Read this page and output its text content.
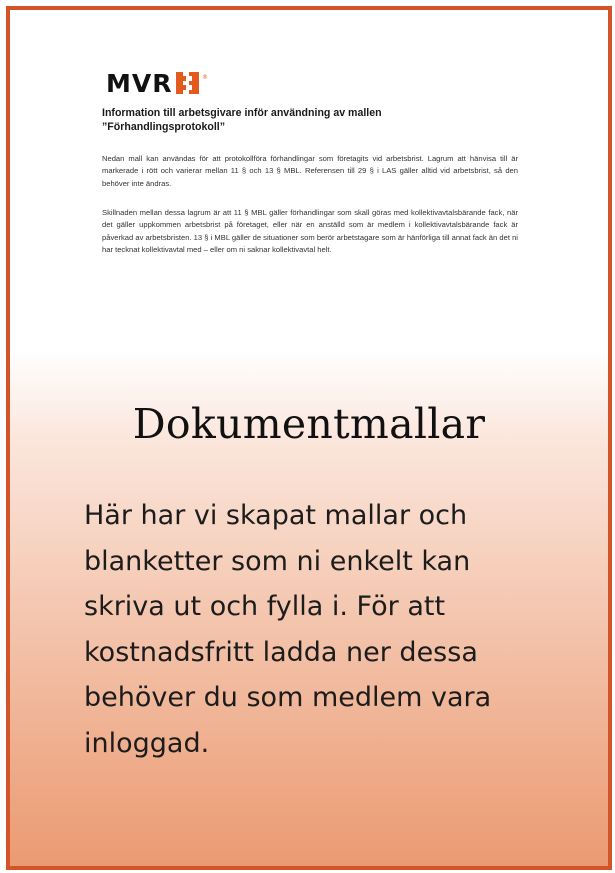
MVR	®
Information till arbetsgivare inför användning av mallen
”Förhandlingsprotokoll”
Nedan mall kan användas för att protokollföra förhandlingar som företagits vid arbetsbrist. Lagrum att hänvisa till är markerade i rött och varierar mellan 11 § och 13 § MBL. Referensen till 29 § i LAS gäller alltid vid arbetsbrist, så den behöver inte ändras.
Skillnaden mellan dessa lagrum är att 11 § MBL gäller förhandlingar som skall göras med kollektivavtalsbärande fack, när det gäller uppkommen arbetsbrist på företaget, eller när en anställd som är medlem i kollektivavtalsbärande fack är påverkad av arbetsbristen. 13 § i MBL gäller de situationer som berör arbetstagare som är hänförliga till annat fack än det ni har tecknat kollektivavtal med – eller om ni saknar kollektivavtal helt.
Dokumentmallar
Här har vi skapat mallar och blanketter som ni enkelt kan skriva ut och fylla i. För att kostnadsfritt ladda ner dessa behöver du som medlem vara inloggad.
